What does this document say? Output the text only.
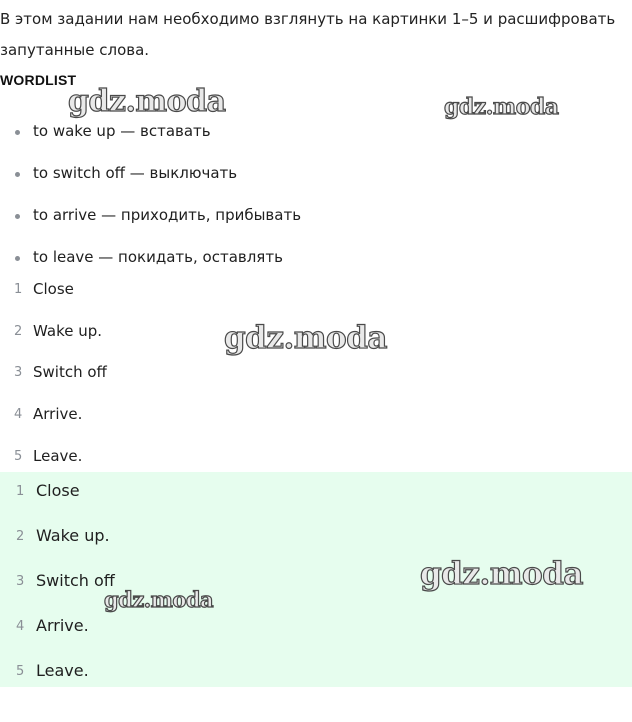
В этом задании нам необходимо взглянуть на картинки 1–5 и расшифровать запутанные слова.

WORDLIST
to wake up — вставать
to switch off — выключать
to arrive — приходить, прибывать
to leave — покидать, оставлять
1 Close
2 Wake up.
3 Switch off
4 Arrive.
5 Leave.
1 Close
2 Wake up.
3 Switch off
4 Arrive.
5 Leave.
gdz.moda	gdz.moda
gdz.moda
gdz.moda
gdz.moda
